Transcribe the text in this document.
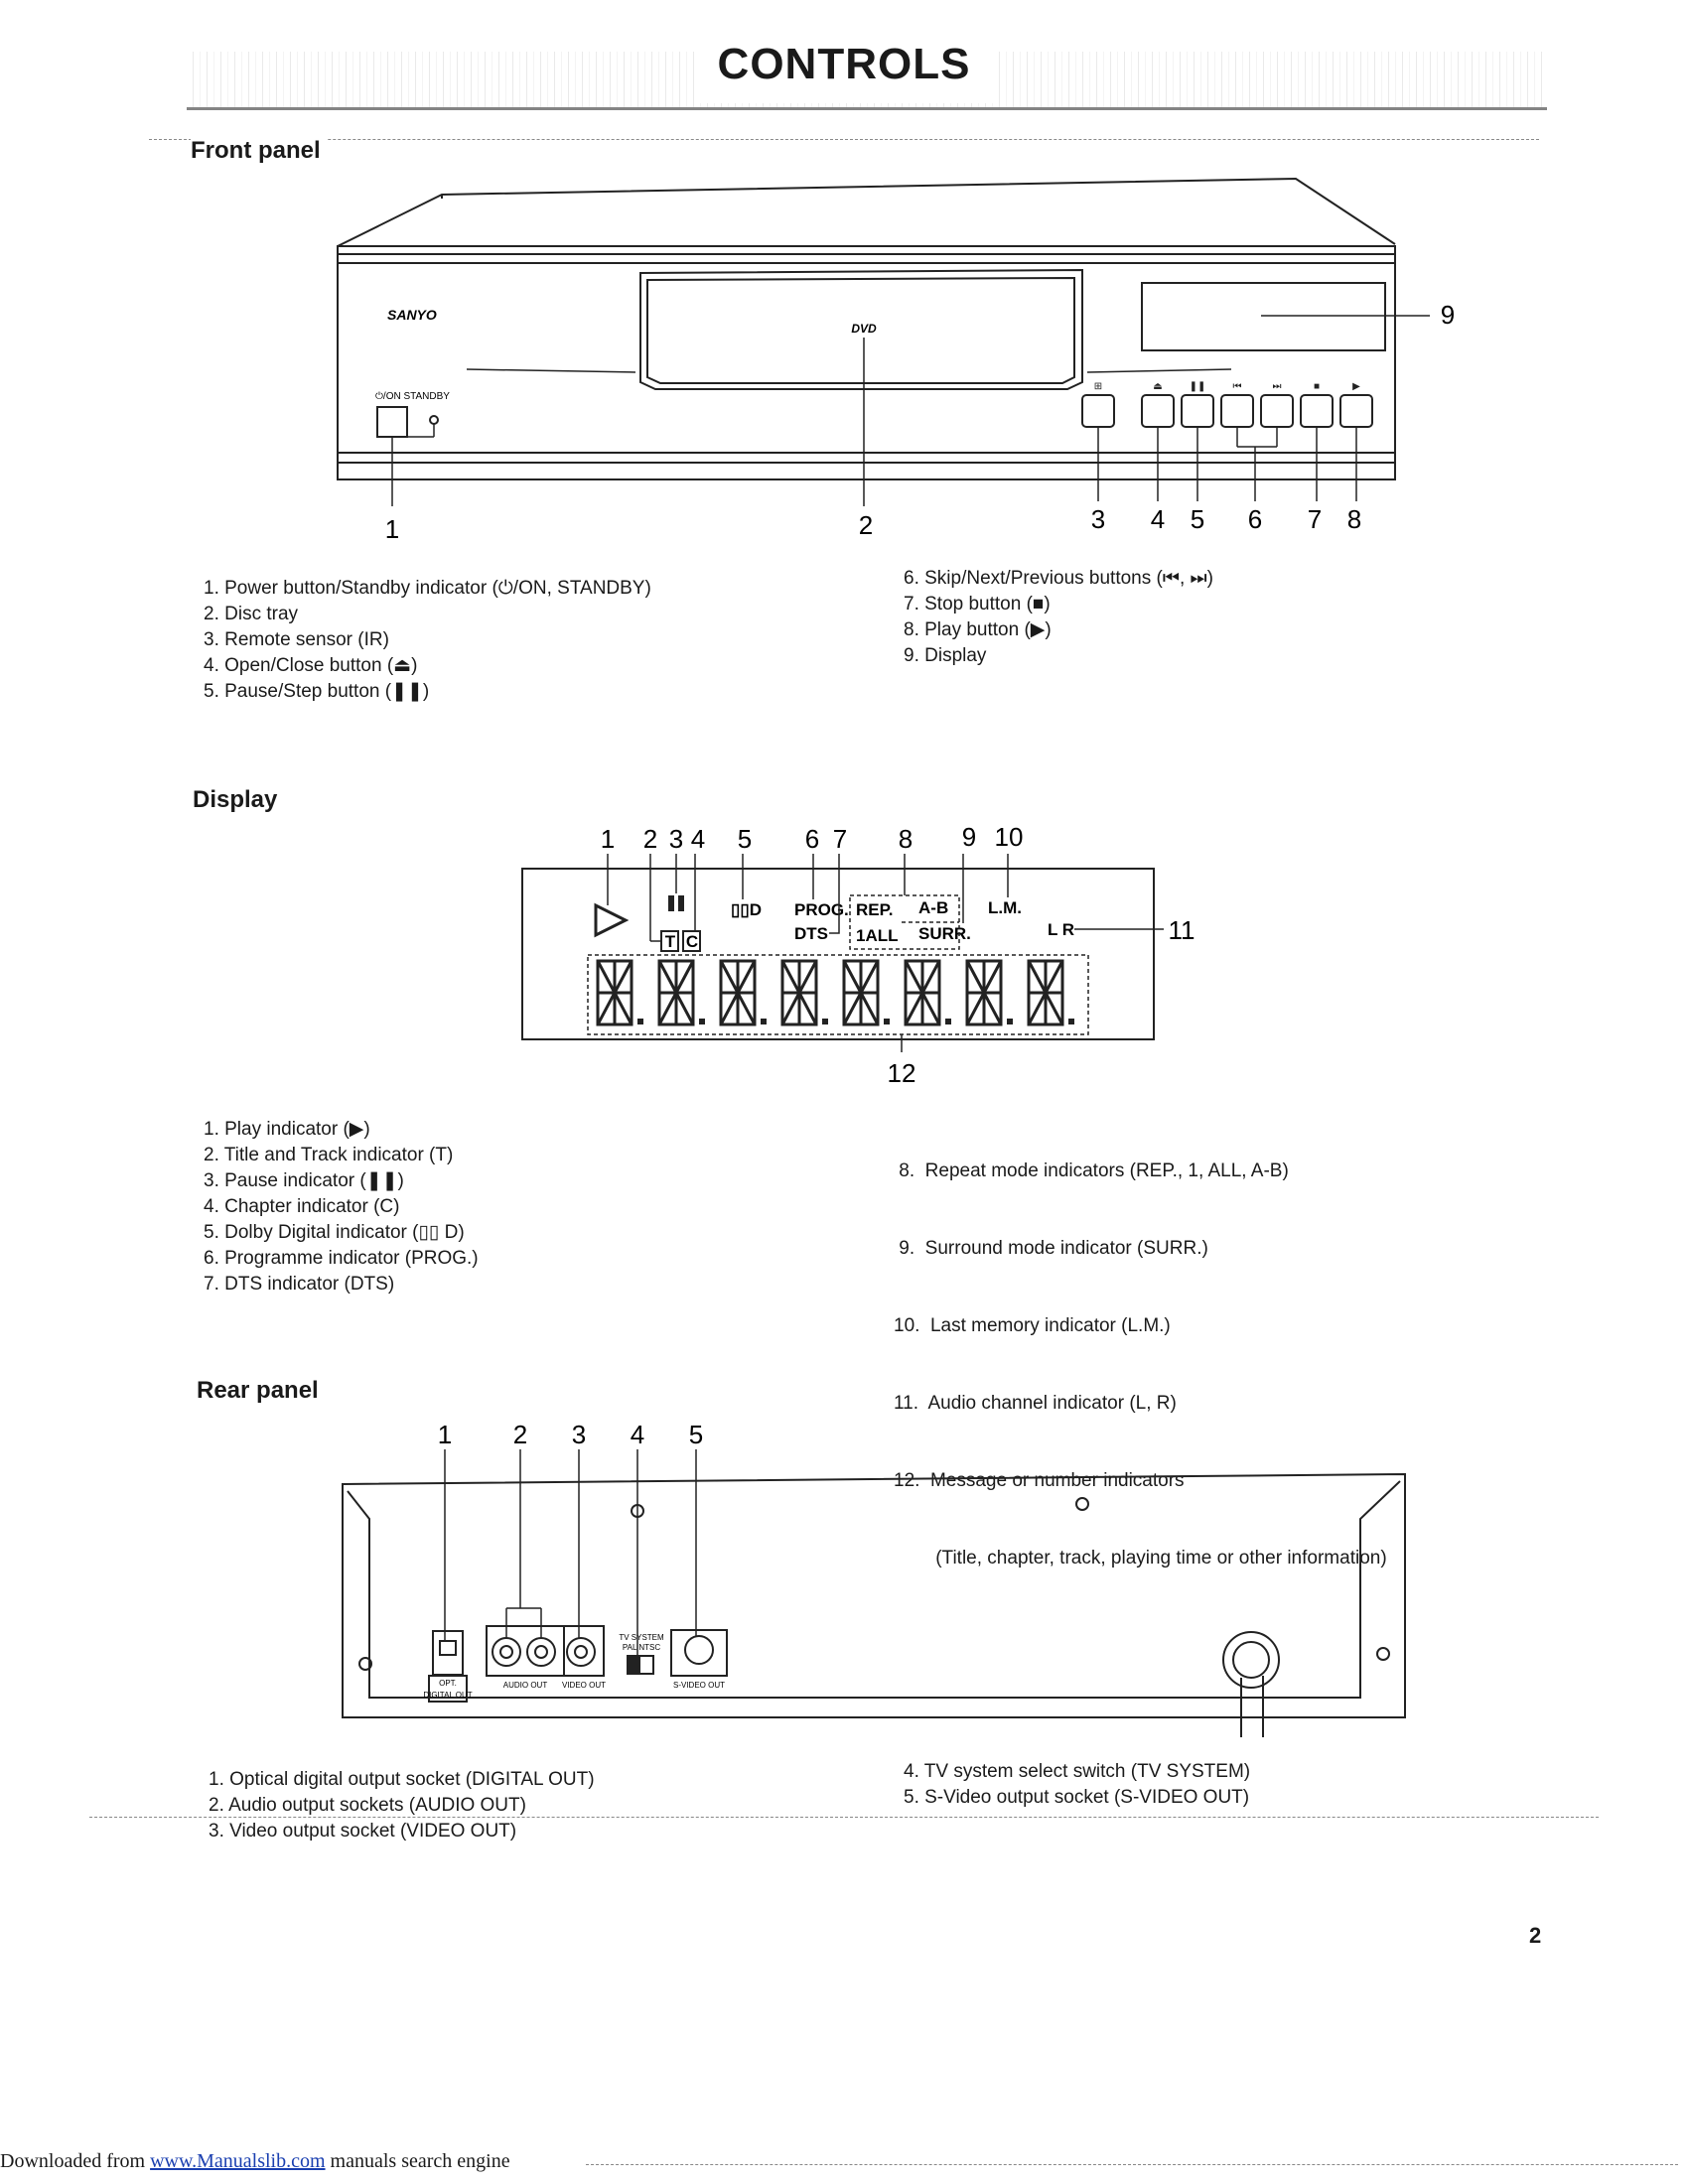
CONTROLS
Front panel
⊞	⏏	❚❚	⏮	⏭	■	▶
SANYO
⏻/ON STANDBY
DVD
1	2	3 4 5 6 7 8
9
1. Power button/Standby indicator (⏻/ON, STANDBY)
2. Disc tray
3. Remote sensor (IR)
4. Open/Close button (⏏)
5. Pause/Step button (❚❚)
6. Skip/Next/Previous buttons (⏮, ⏭)
7. Stop button (■)
8. Play button (▶)
9. Display
Display
T C
▯▯D PROG.
DTS
REP. A-B
1ALL SURR.
L.M.
L R
1 2 3 4 5 6 7 8 9 10
11
12
1. Play indicator (▶)
2. Title and Track indicator (T)
3. Pause indicator (❚❚)
4. Chapter indicator (C)
5. Dolby Digital indicator (▯▯ D)
6. Programme indicator (PROG.)
7. DTS indicator (DTS)

8.  Repeat mode indicators (REP., 1, ALL, A-B)

9.  Surround mode indicator (SURR.)

10.  Last memory indicator (L.M.)

11.  Audio channel indicator (L, R)

12.  Message or number indicators

(Title, chapter, track, playing time or other information)

Rear panel
OPT.
DIGITAL OUT
AUDIO OUT VIDEO OUT
TV SYSTEM
PAL NTSC
S-VIDEO OUT
1 2 3 4 5
1. Optical digital output socket (DIGITAL OUT)
2. Audio output sockets (AUDIO OUT)
3. Video output socket (VIDEO OUT)
4. TV system select switch (TV SYSTEM)
5. S-Video output socket (S-VIDEO OUT)
2
Downloaded from www.Manualslib.com manuals search engine
